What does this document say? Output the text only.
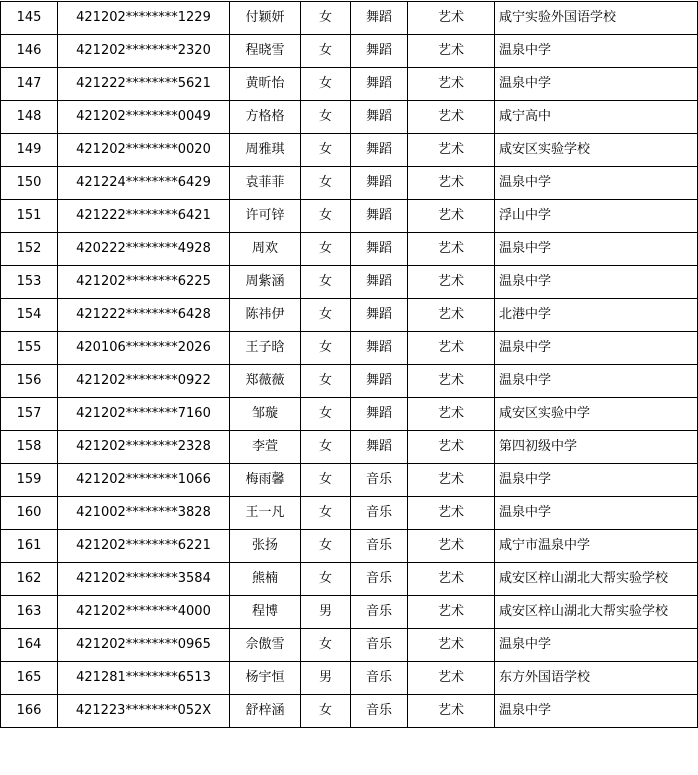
145	421202********1229	付颖妍	女	舞蹈	艺术	咸宁实验外国语学校
146	421202********2320	程晓雪	女	舞蹈	艺术	温泉中学
147	421222********5621	黄昕怡	女	舞蹈	艺术	温泉中学
148	421202********0049	方格格	女	舞蹈	艺术	咸宁高中
149	421202********0020	周雅琪	女	舞蹈	艺术	咸安区实验学校
150	421224********6429	袁菲菲	女	舞蹈	艺术	温泉中学
151	421222********6421	许可锌	女	舞蹈	艺术	浮山中学
152	420222********4928	周欢	女	舞蹈	艺术	温泉中学
153	421202********6225	周紫涵	女	舞蹈	艺术	温泉中学
154	421222********6428	陈祎伊	女	舞蹈	艺术	北港中学
155	420106********2026	王子晗	女	舞蹈	艺术	温泉中学
156	421202********0922	郑薇薇	女	舞蹈	艺术	温泉中学
157	421202********7160	邹璇	女	舞蹈	艺术	咸安区实验中学
158	421202********2328	李萱	女	舞蹈	艺术	第四初级中学
159	421202********1066	梅雨馨	女	音乐	艺术	温泉中学
160	421002********3828	王一凡	女	音乐	艺术	温泉中学
161	421202********6221	张扬	女	音乐	艺术	咸宁市温泉中学
162	421202********3584	熊楠	女	音乐	艺术	咸安区梓山湖北大帮实验学校
163	421202********4000	程博	男	音乐	艺术	咸安区梓山湖北大帮实验学校
164	421202********0965	佘傲雪	女	音乐	艺术	温泉中学
165	421281********6513	杨宇恒	男	音乐	艺术	东方外国语学校
166	421223********052X	舒梓涵	女	音乐	艺术	温泉中学
